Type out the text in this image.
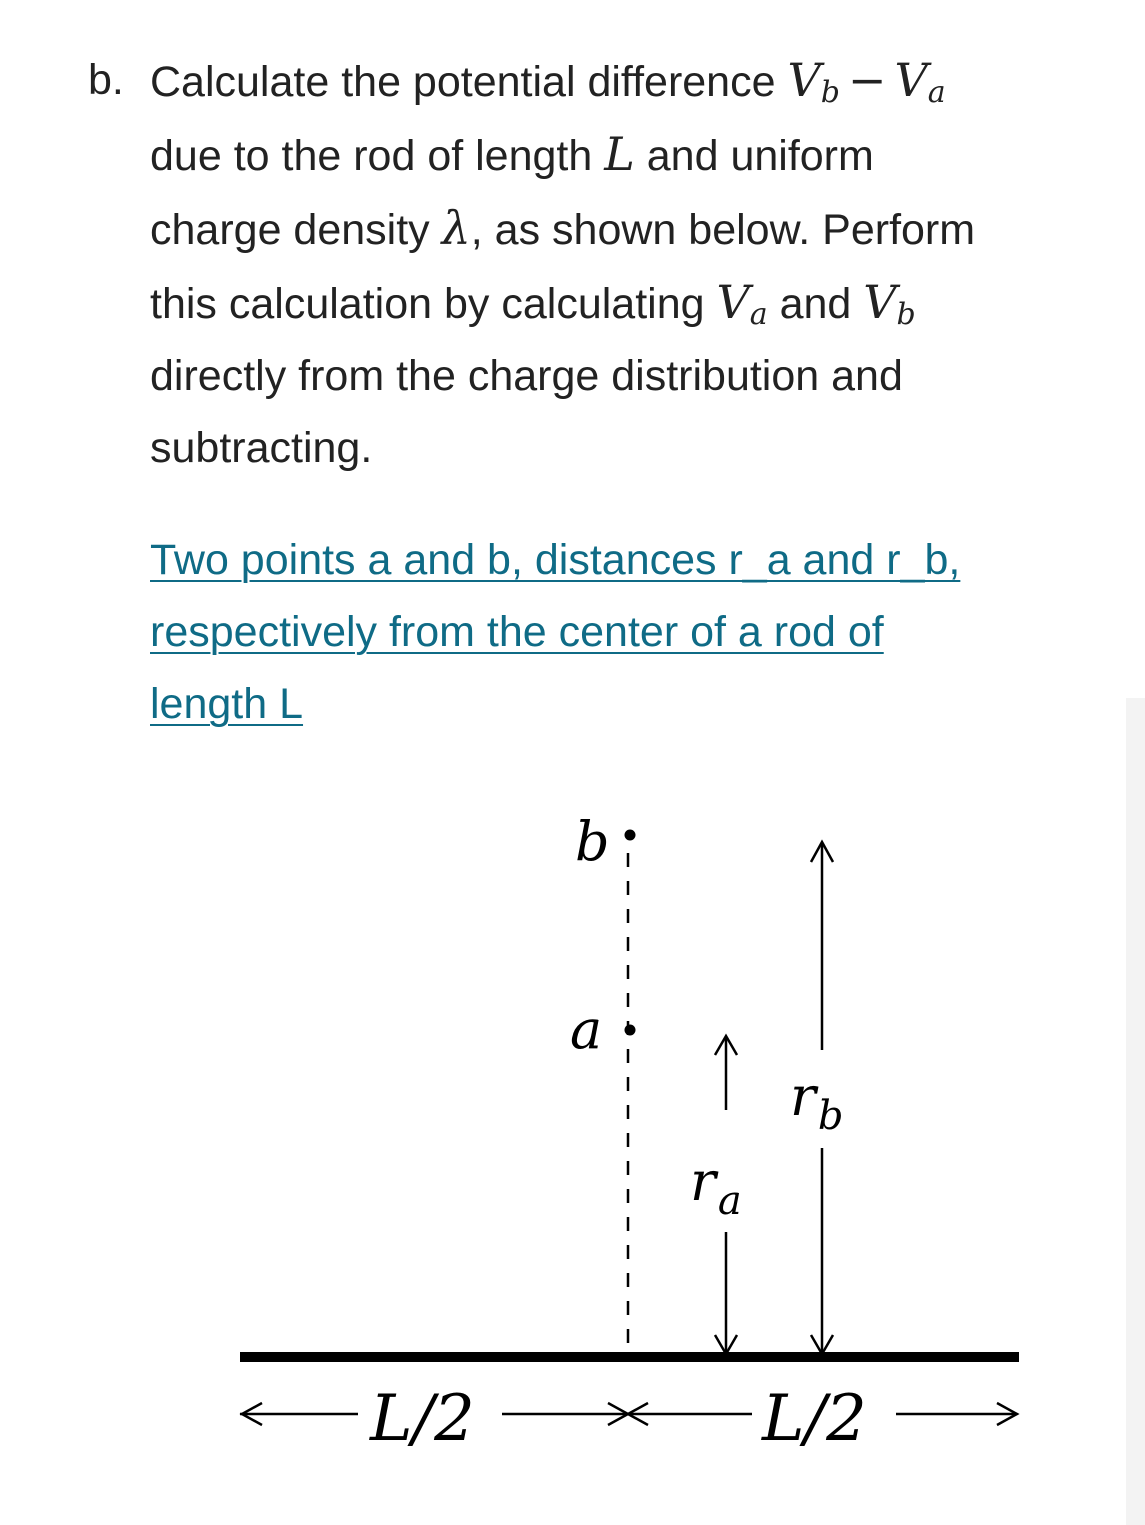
b. Calculate the potential difference $V_b - V_a$
due to the rod of length L and uniform
charge density λ, as shown below. Perform
this calculation by calculating $V_a$ and $V_b$
directly from the charge distribution and
subtracting.
Two points a and b, distances r_a and r_b,
respectively from the center of a rod of
length L
b
a
$r_a$
$r_b$
L/2	L/2
